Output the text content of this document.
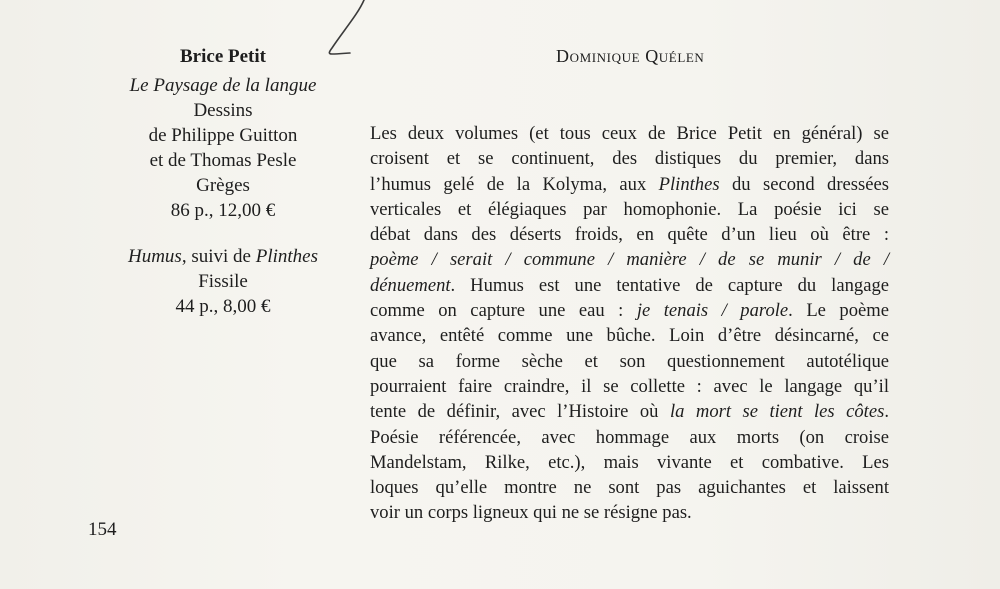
Brice Petit
Le Paysage de la langue
Dessins
de Philippe Guitton
et de Thomas Pesle
Grèges
86 p., 12,00 €
Humus, suivi de Plinthes
Fissile
44 p., 8,00 €
Dominique Quélen
Les deux volumes (et tous ceux de Brice Petit en général) se
croisent et se continuent, des distiques du premier, dans
l’humus gelé de la Kolyma, aux Plinthes du second dressées
verticales et élégiaques par homophonie. La poésie ici se
débat dans des déserts froids, en quête d’un lieu où être :
poème / serait / commune / manière / de se munir / de /
dénuement. Humus est une tentative de capture du langage
comme on capture une eau : je tenais / parole. Le poème
avance, entêté comme une bûche. Loin d’être désincarné, ce
que sa forme sèche et son questionnement autotélique
pourraient faire craindre, il se collette : avec le langage qu’il
tente de définir, avec l’Histoire où la mort se tient les côtes.
Poésie référencée, avec hommage aux morts (on croise
Mandelstam, Rilke, etc.), mais vivante et combative. Les
loques qu’elle montre ne sont pas aguichantes et laissent
voir un corps ligneux qui ne se résigne pas.
154
